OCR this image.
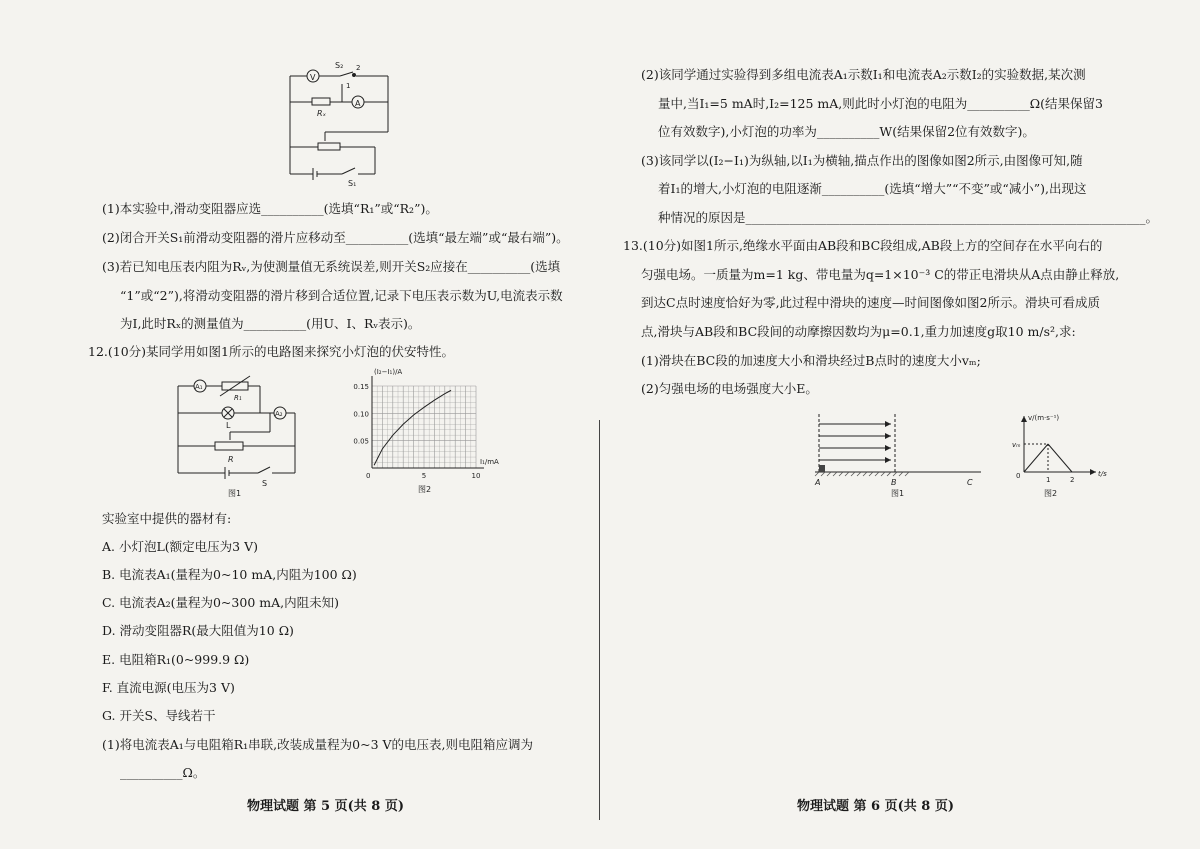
V
A
S₂
1
2
Rₓ
S₁
(1)本实验中,滑动变阻器应选__________(选填“R₁”或“R₂”)。
(2)闭合开关S₁前滑动变阻器的滑片应移动至__________(选填“最左端”或“最右端”)。
(3)若已知电压表内阻为Rᵥ,为使测量值无系统误差,则开关S₂应接在__________(选填
“1”或“2”),将滑动变阻器的滑片移到合适位置,记录下电压表示数为U,电流表示数
为I,此时Rₓ的测量值为__________(用U、I、Rᵥ表示)。
12.(10分)某同学用如图1所示的电路图来探究小灯泡的伏安特性。
A₁
A₂
R₁
L
R
S
图1
0.15
0.10
0.05
5	10
0
(I₂−I₁)/A
I₁/mA
图2
实验室中提供的器材有:
A. 小灯泡L(额定电压为3 V)
B. 电流表A₁(量程为0~10 mA,内阻为100 Ω)
C. 电流表A₂(量程为0~300 mA,内阻未知)
D. 滑动变阻器R(最大阻值为10 Ω)
E. 电阻箱R₁(0~999.9 Ω)
F. 直流电源(电压为3 V)
G. 开关S、导线若干
(1)将电流表A₁与电阻箱R₁串联,改装成量程为0~3 V的电压表,则电阻箱应调为
__________Ω。
物理试题 第 5 页(共 8 页)
(2)该同学通过实验得到多组电流表A₁示数I₁和电流表A₂示数I₂的实验数据,某次测
量中,当I₁=5 mA时,I₂=125 mA,则此时小灯泡的电阻为__________Ω(结果保留3
位有效数字),小灯泡的功率为__________W(结果保留2位有效数字)。
(3)该同学以(I₂−I₁)为纵轴,以I₁为横轴,描点作出的图像如图2所示,由图像可知,随
着I₁的增大,小灯泡的电阻逐渐__________(选填“增大”“不变”或“减小”),出现这
种情况的原因是________________________________________________________________。
13.(10分)如图1所示,绝缘水平面由AB段和BC段组成,AB段上方的空间存在水平向右的
匀强电场。一质量为m=1 kg、带电量为q=1×10⁻³ C的带正电滑块从A点由静止释放,
到达C点时速度恰好为零,此过程中滑块的速度—时间图像如图2所示。滑块可看成质
点,滑块与AB段和BC段间的动摩擦因数均为μ=0.1,重力加速度g取10 m/s²,求:
(1)滑块在BC段的加速度大小和滑块经过B点时的速度大小vₘ;
(2)匀强电场的电场强度大小E。
A	B	C
图1
v/(m·s⁻¹)
vₘ
0	1	2
t/s
图2
物理试题 第 6 页(共 8 页)
